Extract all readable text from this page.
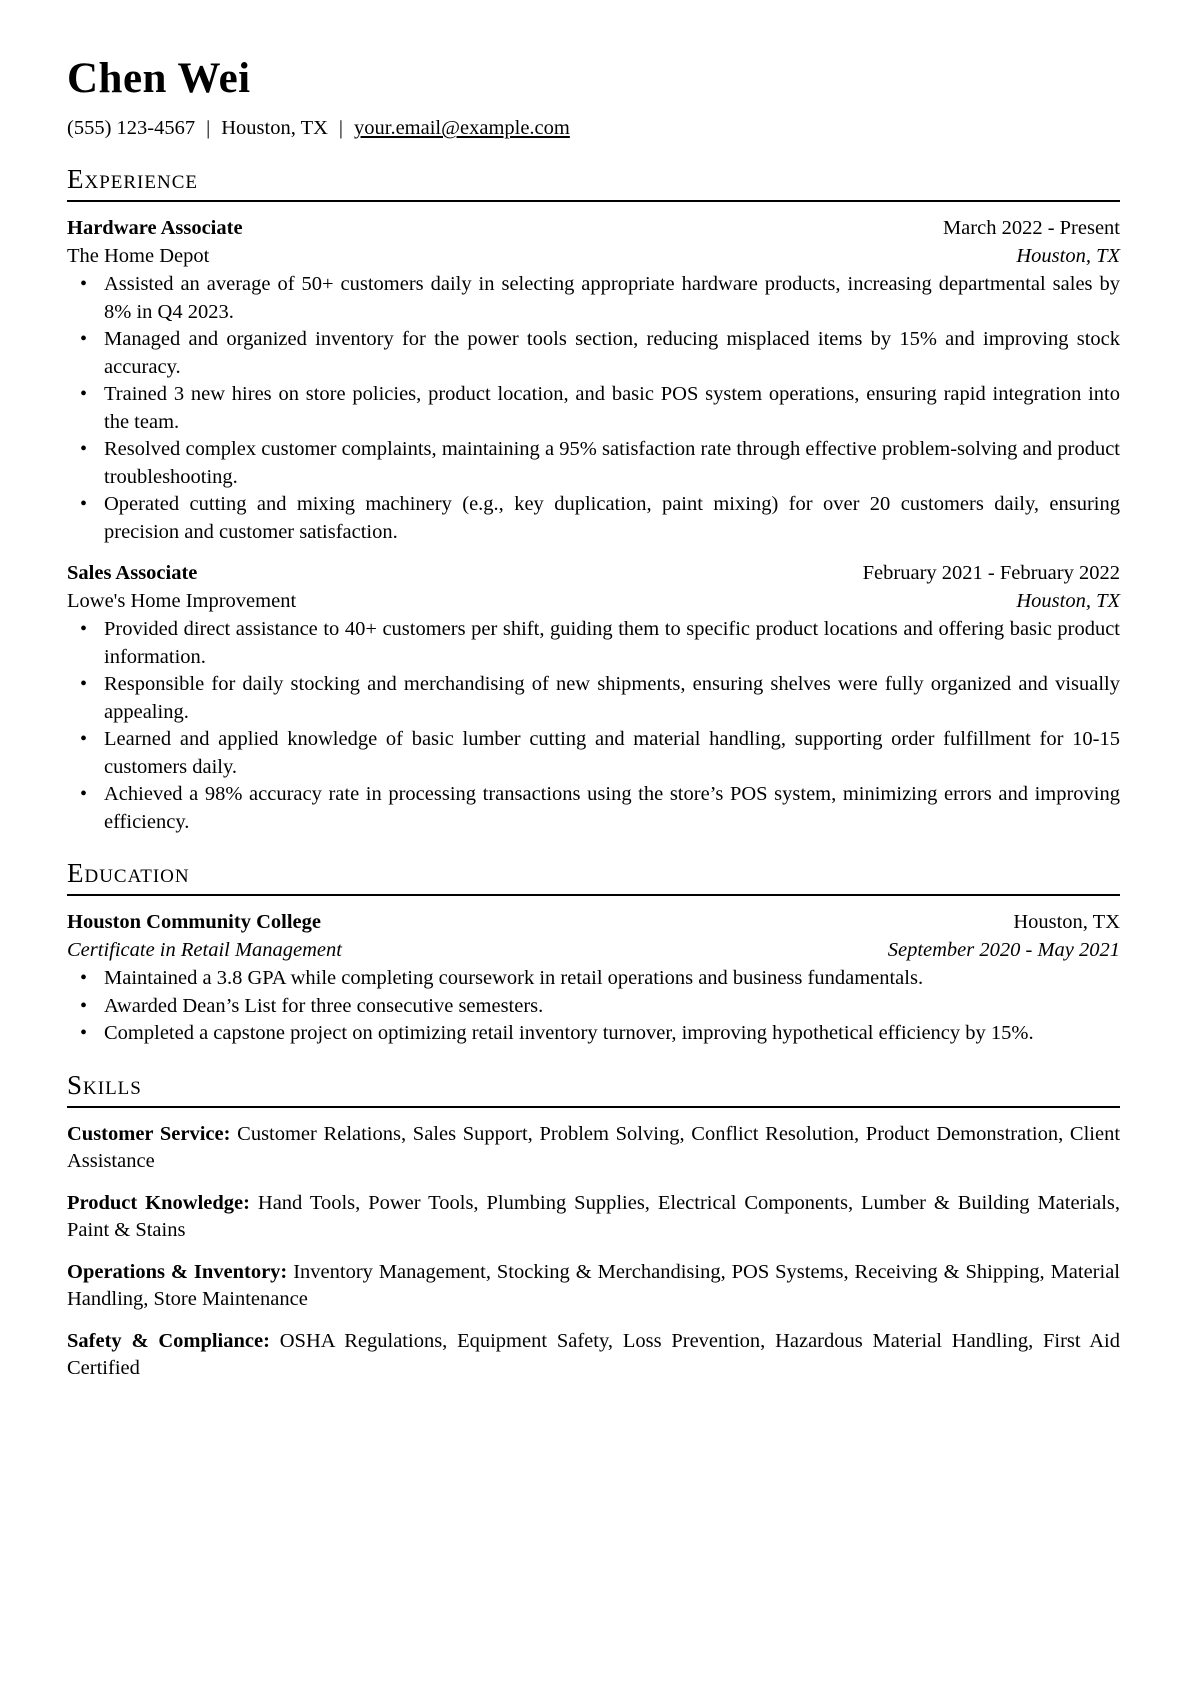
Chen Wei
(555) 123-4567 | Houston, TX | your.email@example.com
Experience
Hardware Associate	March 2022 - Present
The Home Depot	Houston, TX
• Assisted an average of 50+ customers daily in selecting appropriate hardware products, increasing departmental sales by 8% in Q4 2023.
• Managed and organized inventory for the power tools section, reducing misplaced items by 15% and improving stock accuracy.
• Trained 3 new hires on store policies, product location, and basic POS system operations, ensuring rapid integration into the team.
• Resolved complex customer complaints, maintaining a 95% satisfaction rate through effective problem-solving and product troubleshooting.
• Operated cutting and mixing machinery (e.g., key duplication, paint mixing) for over 20 customers daily, ensuring precision and customer satisfaction.
Sales Associate	February 2021 - February 2022
Lowe's Home Improvement	Houston, TX
• Provided direct assistance to 40+ customers per shift, guiding them to specific product locations and offering basic product information.
• Responsible for daily stocking and merchandising of new shipments, ensuring shelves were fully organized and visually appealing.
• Learned and applied knowledge of basic lumber cutting and material handling, supporting order fulfillment for 10-15 customers daily.
• Achieved a 98% accuracy rate in processing transactions using the store’s POS system, minimizing errors and improving efficiency.
Education
Houston Community College	Houston, TX
Certificate in Retail Management	September 2020 - May 2021
• Maintained a 3.8 GPA while completing coursework in retail operations and business fundamentals.
• Awarded Dean’s List for three consecutive semesters.
• Completed a capstone project on optimizing retail inventory turnover, improving hypothetical efficiency by 15%.
Skills

Customer Service: Customer Relations, Sales Support, Problem Solving, Conflict Resolution, Product Demonstration, Client Assistance

Product Knowledge: Hand Tools, Power Tools, Plumbing Supplies, Electrical Components, Lumber & Building Materials, Paint & Stains

Operations & Inventory: Inventory Management, Stocking & Merchandising, POS Systems, Receiving & Shipping, Material Handling, Store Maintenance

Safety & Compliance: OSHA Regulations, Equipment Safety, Loss Prevention, Hazardous Material Handling, First Aid Certified
